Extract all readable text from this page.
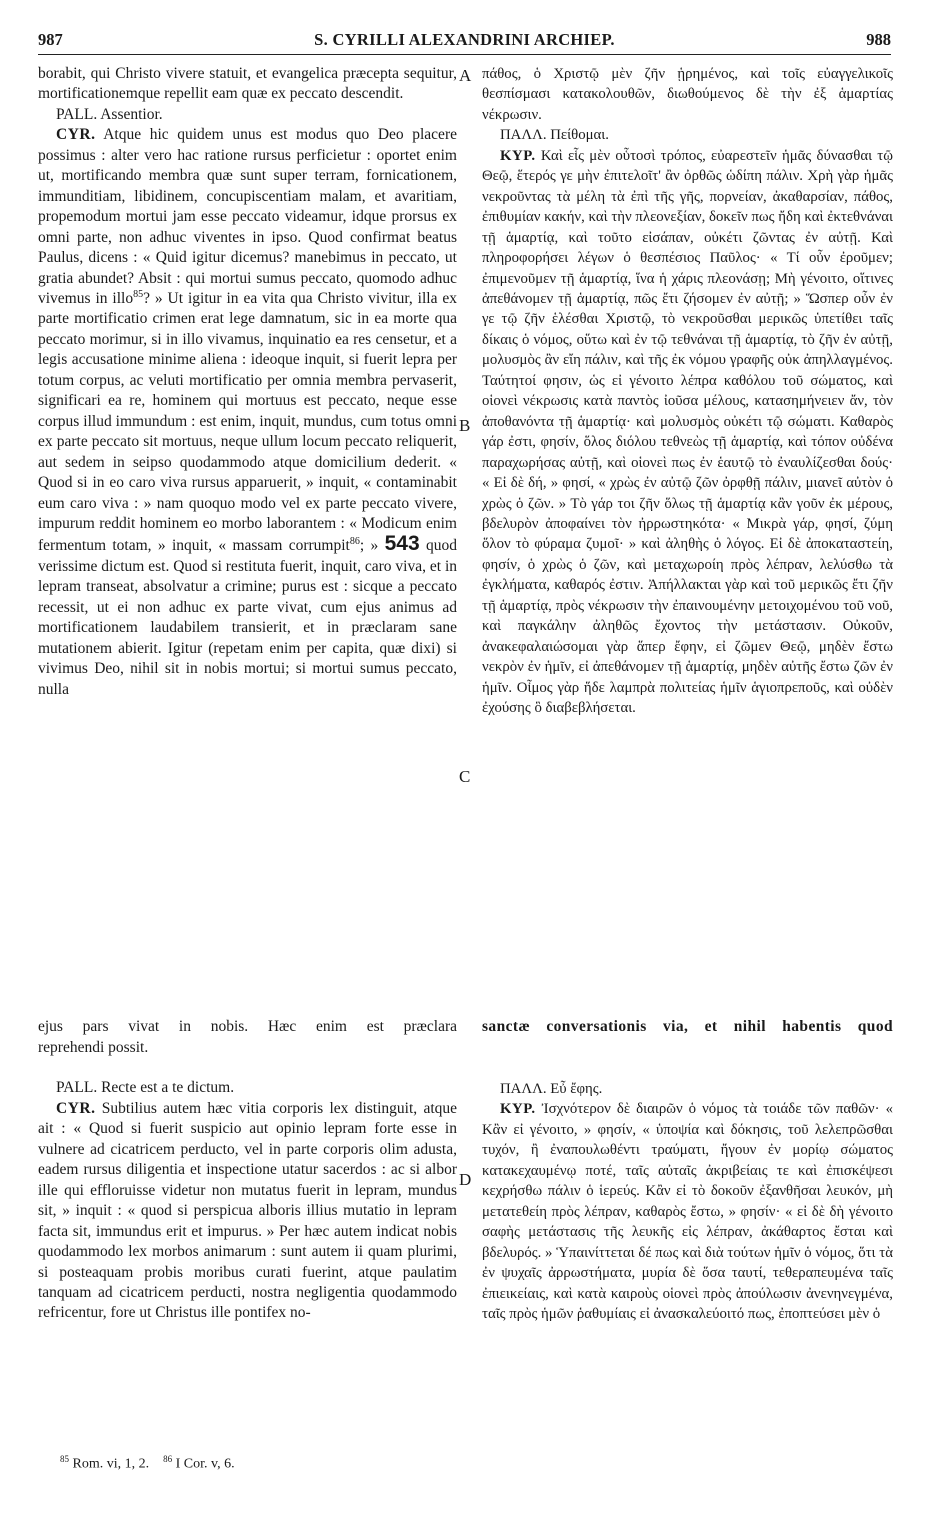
987	S. CYRILLI ALEXANDRINI ARCHIEP.	988
A
B
C
D

borabit, qui Christo vivere statuit, et evangelica præcepta sequitur, mortificationemque repellit eam quæ ex peccato descendit.

PALL. Assentior.

CYR. Atque hic quidem unus est modus quo Deo placere possimus : alter vero hac ratione rursus perficietur : oportet enim ut, mortificando membra quæ sunt super terram, fornicationem, immunditiam, libidinem, concupiscentiam malam, et avaritiam, propemodum mortui jam esse peccato videamur, idque prorsus ex omni parte, non adhuc viventes in ipso. Quod confirmat beatus Paulus, dicens : « Quid igitur dicemus? manebimus in peccato, ut gratia abundet? Absit : qui mortui sumus peccato, quomodo adhuc vivemus in illo$^{85}$? » Ut igitur in ea vita qua Christo vivitur, illa ex parte mortificatio crimen erat lege damnatum, sic in ea morte qua peccato morimur, si in illo vivamus, inquinatio ea res censetur, et a legis accusatione minime aliena : ideoque inquit, si fuerit lepra per totum corpus, ac veluti mortificatio per omnia membra pervaserit, significari ea re, hominem qui mortuus est peccato, neque esse corpus illud immundum : est enim, inquit, mundus, cum totus omni ex parte peccato sit mortuus, neque ullum locum peccato reliquerit, aut sedem in seipso quodammodo atque domicilium dederit. « Quod si in eo caro viva rursus apparuerit, » inquit, « contaminabit eum caro viva : » nam quoquo modo vel ex parte peccato vivere, impurum reddit hominem eo morbo laborantem : « Modicum enim fermentum totam, » inquit, « massam corrumpit$^{86}$; » 543 quod verissime dictum est. Quod si restituta fuerit, inquit, caro viva, et in lepram transeat, absolvatur a crimine; purus est : sicque a peccato recessit, ut ei non adhuc ex parte vivat, cum ejus animus ad mortificationem laudabilem transierit, et in præclaram sane mutationem abierit. Igitur (repetam enim per capita, quæ dixi) si vivimus Deo, nihil sit in nobis mortui; si mortui sumus peccato, nulla

πάθος, ὁ Χριστῷ μὲν ζῆν ᾑρημένος, καὶ τοῖς εὐαγγελικοῖς θεσπίσμασι κατακολουθῶν, διωθούμενος δὲ τὴν ἐξ ἁμαρτίας νέκρωσιν.

ΠΑΛΛ. Πείθομαι.

ΚΥΡ. Καὶ εἷς μὲν οὗτοσὶ τρόπος, εὐαρεστεῖν ἡμᾶς δύνασθαι τῷ Θεῷ, ἕτερός γε μὴν ἐπιτελοῖτ' ἂν ὀρθῶς ὡδίπη πάλιν. Χρὴ γὰρ ἡμᾶς νεκροῦντας τὰ μέλη τὰ ἐπὶ τῆς γῆς, πορνείαν, ἀκαθαρσίαν, πάθος, ἐπιθυμίαν κακήν, καὶ τὴν πλεονεξίαν, δοκεῖν πως ἤδη καὶ ἐκτεθνάναι τῇ ἁμαρτίᾳ, καὶ τοῦτο εἰσάπαν, οὐκέτι ζῶντας ἐν αὐτῇ. Καὶ πληροφορήσει λέγων ὁ θεσπέσιος Παῦλος· « Τί οὖν ἐροῦμεν; ἐπιμενοῦμεν τῇ ἁμαρτίᾳ, ἵνα ἡ χάρις πλεονάσῃ; Μὴ γένοιτο, οἵτινες ἀπεθάνομεν τῇ ἁμαρτίᾳ, πῶς ἔτι ζήσομεν ἐν αὐτῇ; » Ὥσπερ οὖν ἐν γε τῷ ζῆν ἑλέσθαι Χριστῷ, τὸ νεκροῦσθαι μερικῶς ὑπετίθει ταῖς δίκαις ὁ νόμος, οὕτω καὶ ἐν τῷ τεθνάναι τῇ ἁμαρτίᾳ, τὸ ζῆν ἐν αὐτῇ, μολυσμὸς ἂν εἴη πάλιν, καὶ τῆς ἐκ νόμου γραφῆς οὐκ ἀπηλλαγμένος. Ταύτητοί φησιν, ὡς εἰ γένοιτο λέπρα καθόλου τοῦ σώματος, καὶ οἱονεὶ νέκρωσις κατὰ παντὸς ἰοῦσα μέλους, κατασημήνειεν ἄν, τὸν ἀποθανόντα τῇ ἁμαρτίᾳ· καὶ μολυσμὸς οὐκέτι τῷ σώματι. Καθαρὸς γάρ ἐστι, φησίν, ὅλος διόλου τεθνεὼς τῇ ἁμαρτίᾳ, καὶ τόπον οὐδένα παραχωρήσας αὐτῇ, καὶ οἱονεὶ πως ἐν ἑαυτῷ τὸ ἐναυλίζεσθαι δούς· « Εἰ δὲ δή, » φησί, « χρὼς ἐν αὐτῷ ζῶν ὀρφθῇ πάλιν, μιανεῖ αὐτὸν ὁ χρὼς ὁ ζῶν. » Τὸ γάρ τοι ζῆν ὅλως τῇ ἁμαρτίᾳ κἂν γοῦν ἐκ μέρους, βδελυρὸν ἀποφαίνει τὸν ἠρρωστηκότα· « Μικρὰ γάρ, φησί, ζύμη ὅλον τὸ φύραμα ζυμοῖ· » καὶ ἀληθὴς ὁ λόγος. Εἰ δὲ ἀποκαταστείη, φησίν, ὁ χρὼς ὁ ζῶν, καὶ μεταχωροίη πρὸς λέπραν, λελύσθω τὰ ἐγκλήματα, καθαρός ἐστιν. Ἀπήλλακται γὰρ καὶ τοῦ μερικῶς ἔτι ζῆν τῇ ἁμαρτίᾳ, πρὸς νέκρωσιν τὴν ἐπαινουμένην μετοιχομένου τοῦ νοῦ, καὶ παγκάλην ἀληθῶς ἔχοντος τὴν μετάστασιν. Οὐκοῦν, ἀνακεφαλαιώσομαι γὰρ ἅπερ ἔφην, εἰ ζῶμεν Θεῷ, μηδὲν ἔστω νεκρὸν ἐν ἡμῖν, εἰ ἀπεθάνομεν τῇ ἁμαρτίᾳ, μηδὲν αὐτῆς ἔστω ζῶν ἐν ἡμῖν. Οἶμος γὰρ ἥδε λαμπρὰ πολιτείας ἡμῖν ἁγιοπρεποῦς, καὶ οὐδὲν ἐχούσης ὃ διαβεβλήσεται.

ejus pars vivat in nobis. Hæc enim est præclara sanctæ conversationis via, et nihil habentis quod

reprehendi possit.

PALL. Recte est a te dictum.

CYR. Subtilius autem hæc vitia corporis lex distinguit, atque ait : « Quod si fuerit suspicio aut opinio lepram forte esse in vulnere ad cicatricem perducto, vel in parte corporis olim adusta, eadem rursus diligentia et inspectione utatur sacerdos : ac si albor ille qui effloruisse videtur non mutatus fuerit in lepram, mundus sit, » inquit : « quod si perspicua alboris illius mutatio in lepram facta sit, immundus erit et impurus. » Per hæc autem indicat nobis quodammodo lex morbos animarum : sunt autem ii quam plurimi, si posteaquam probis moribus curati fuerint, atque paulatim tanquam ad cicatricem perducti, nostra negligentia quodammodo refricentur, fore ut Christus ille pontifex no-

ΠΑΛΛ. Εὖ ἔφης.

ΚΥΡ. Ἰσχνότερον δὲ διαιρῶν ὁ νόμος τὰ τοιάδε τῶν παθῶν· « Κἂν εἰ γένοιτο, » φησίν, « ὑποψία καὶ δόκησις, τοῦ λελεπρῶσθαι τυχόν, ἢ ἐναπουλωθέντι τραύματι, ἤγουν ἐν μορίῳ σώματος κατακεχαυμένῳ ποτέ, ταῖς αὐταῖς ἀκριβείαις τε καὶ ἐπισκέψεσι κεχρήσθω πάλιν ὁ ἱερεύς. Κἂν εἰ τὸ δοκοῦν ἐξανθῆσαι λευκόν, μὴ μετατεθείη πρὸς λέπραν, καθαρὸς ἔστω, » φησίν· « εἰ δὲ δὴ γένοιτο σαφὴς μετάστασις τῆς λευκῆς εἰς λέπραν, ἀκάθαρτος ἔσται καὶ βδελυρός. » Ὑπαινίττεται δέ πως καὶ διὰ τούτων ἡμῖν ὁ νόμος, ὅτι τὰ ἐν ψυχαῖς ἀρρωστήματα, μυρία δὲ ὅσα ταυτί, τεθεραπευμένα ταῖς ἐπιεικείαις, καὶ κατὰ καιροὺς οἱονεὶ πρὸς ἀπούλωσιν ἀνενηνεγμένα, ταῖς πρὸς ἡμῶν ῥαθυμίαις εἰ ἀνασκαλεύοιτό πως, ἐποπτεύσει μὲν ὁ

$^{85}$ Rom. vi, 1, 2. $^{86}$ I Cor. v, 6.
